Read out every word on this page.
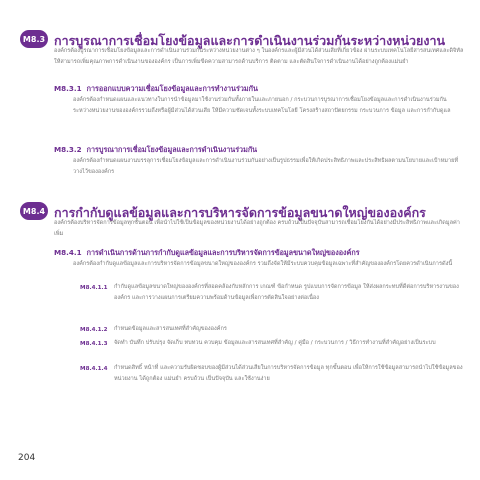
M8.3 การบูรณาการเชื่อมโยงข้อมูลและการดำเนินงานร่วมกันระหว่างหน่วยงาน
องค์กรต้องบูรณาการเชื่อมโยงข้อมูลและการดำเนินงานร่วมกันระหว่างหน่วยงานต่าง ๆ ในองค์กรและผู้มีส่วนได้ส่วนเสียที่เกี่ยวข้อง ผ่านระบบเทคโนโลยีสารสนเทศและดิจิทัล ให้สามารถเพิ่มคุณภาพการดำเนินงานขององค์กร เป็นการเพิ่มขีดความสามารถด้านบริการ ติดตาม และตัดสินใจการดำเนินงานได้อย่างถูกต้องแม่นยำ
M8.3.1 การออกแบบความเชื่อมโยงข้อมูลและการทำงานร่วมกัน
องค์กรต้องกำหนดแผนและแนวทางในการนำข้อมูลมาใช้งานร่วมกันทั้งภายในและภายนอก / กระบวนการบูรณาการเชื่อมโยงข้อมูลและการดำเนินงานร่วมกันระหว่างหน่วยงานขององค์กรรวมถึงหรือผู้มีส่วนได้ส่วนเสีย ให้มีความชัดเจนทั้งระบบเทคโนโลยี โครงสร้างสถาปัตยกรรม กระบวนการ ข้อมูล และการกำกับดูแล
M8.3.2 การบูรณาการเชื่อมโยงข้อมูลและการดำเนินงานร่วมกัน
องค์กรต้องกำหนดแผนงานบรรลุการเชื่อมโยงข้อมูลและการดำเนินงานร่วมกันอย่างเป็นรูปธรรมเพื่อให้เกิดประสิทธิภาพและประสิทธิผลตามนโยบายและเป้าหมายที่วางไว้ขององค์กร
M8.4 การกำกับดูแลข้อมูลและการบริหารจัดการข้อมูลขนาดใหญ่ขององค์กร
องค์กรต้องบริหารจัดการข้อมูลทุกชั้นตอน เพื่อนำไปใช้เป็นข้อมูลของหน่วยงานได้อย่างถูกต้อง ครบถ้วนเป็นปัจจุบันสามารถเชื่อมโยงกันได้อย่างมีประสิทธิภาพและเกิดมูลค่าเพิ่ม
M8.4.1 การดำเนินการด้านการกำกับดูแลข้อมูลและการบริหารจัดการข้อมูลขนาดใหญ่ขององค์กร
องค์กรต้องกำกับดูแลข้อมูลและการบริหารจัดการข้อมูลขนาดใหญ่ขององค์กร รวมถึงจัดให้มีระบบควบคุมข้อมูลเฉพาะที่สำคัญขององค์กรโดยควรดำเนินการดังนี้
M8.4.1.1 กำกับดูแลข้อมูลขนาดใหญ่ขององค์กรที่สอดคล้องกับหลักการ เกณฑ์ ข้อกำหนด รูปแบบการจัดการข้อมูล ให้ส่งผลกระทบที่ดีต่อการบริหารงานขององค์กร และการวางแผนการเตรียมความพร้อมด้านข้อมูลเพื่อการตัดสินใจอย่างต่อเนื่อง
M8.4.1.2 กำหนดข้อมูลและสารสนเทศที่สำคัญขององค์กร
M8.4.1.3 จัดทำ บันทึก ปรับปรุง จัดเก็บ ทบทวน ควบคุม ข้อมูลและสารสนเทศที่สำคัญ / คู่มือ / กระบวนการ / วิธีการทำงานที่สำคัญอย่างเป็นระบบ
M8.4.1.4 กำหนดสิทธิ์ หน้าที่ และความรับผิดชอบของผู้มีส่วนได้ส่วนเสียในการบริหารจัดการข้อมูล ทุกขั้นตอน เพื่อให้การใช้ข้อมูลสามารถนำไปใช้ข้อมูลของหน่วยงาน ได้ถูกต้อง แม่นยำ ครบถ้วน เป็นปัจจุบัน และใช้งานง่าย
204
